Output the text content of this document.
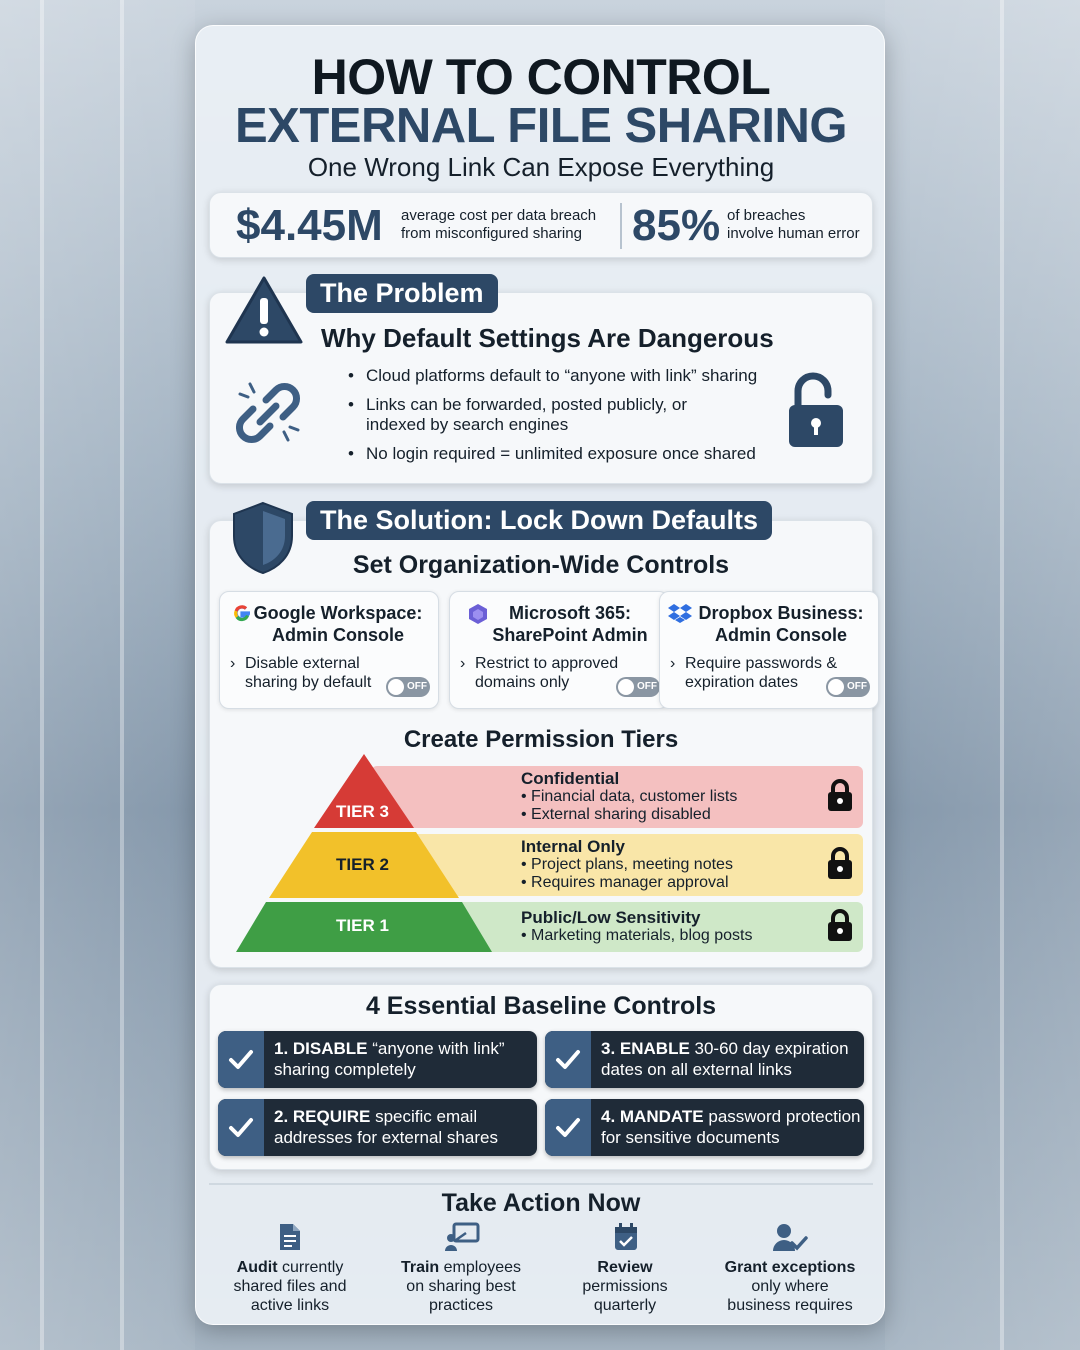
HOW TO CONTROL
EXTERNAL FILE SHARING
One Wrong Link Can Expose Everything
$4.45M average cost per data breach
from misconfigured sharing	85% of breaches
involve human error
The Problem
Why Default Settings Are Dangerous
• Cloud platforms default to “anyone with link” sharing
• Links can be forwarded, posted publicly, or
indexed by search engines
• No login required = unlimited exposure once shared
The Solution: Lock Down Defaults
Set Organization-Wide Controls
Google Workspace:
Admin Console
› Disable external
sharing by default	OFF
Microsoft 365:
SharePoint Admin
› Restrict to approved
domains only	OFF
Dropbox Business:
Admin Console
› Require passwords &
expiration dates	OFF
Create Permission Tiers
Confidential
• Financial data, customer lists
• External sharing disabled
Internal Only
• Project plans, meeting notes
• Requires manager approval
Public/Low Sensitivity
• Marketing materials, blog posts
TIER 3
TIER 2
TIER 1
4 Essential Baseline Controls
1. DISABLE “anyone with link”
sharing completely
3. ENABLE 30-60 day expiration
dates on all external links
2. REQUIRE specific email
addresses for external shares
4. MANDATE password protection
for sensitive documents
Take Action Now
Audit currently
shared files and
active links
Train employees
on sharing best
practices
Review
permissions
quarterly
Grant exceptions
only where
business requires
